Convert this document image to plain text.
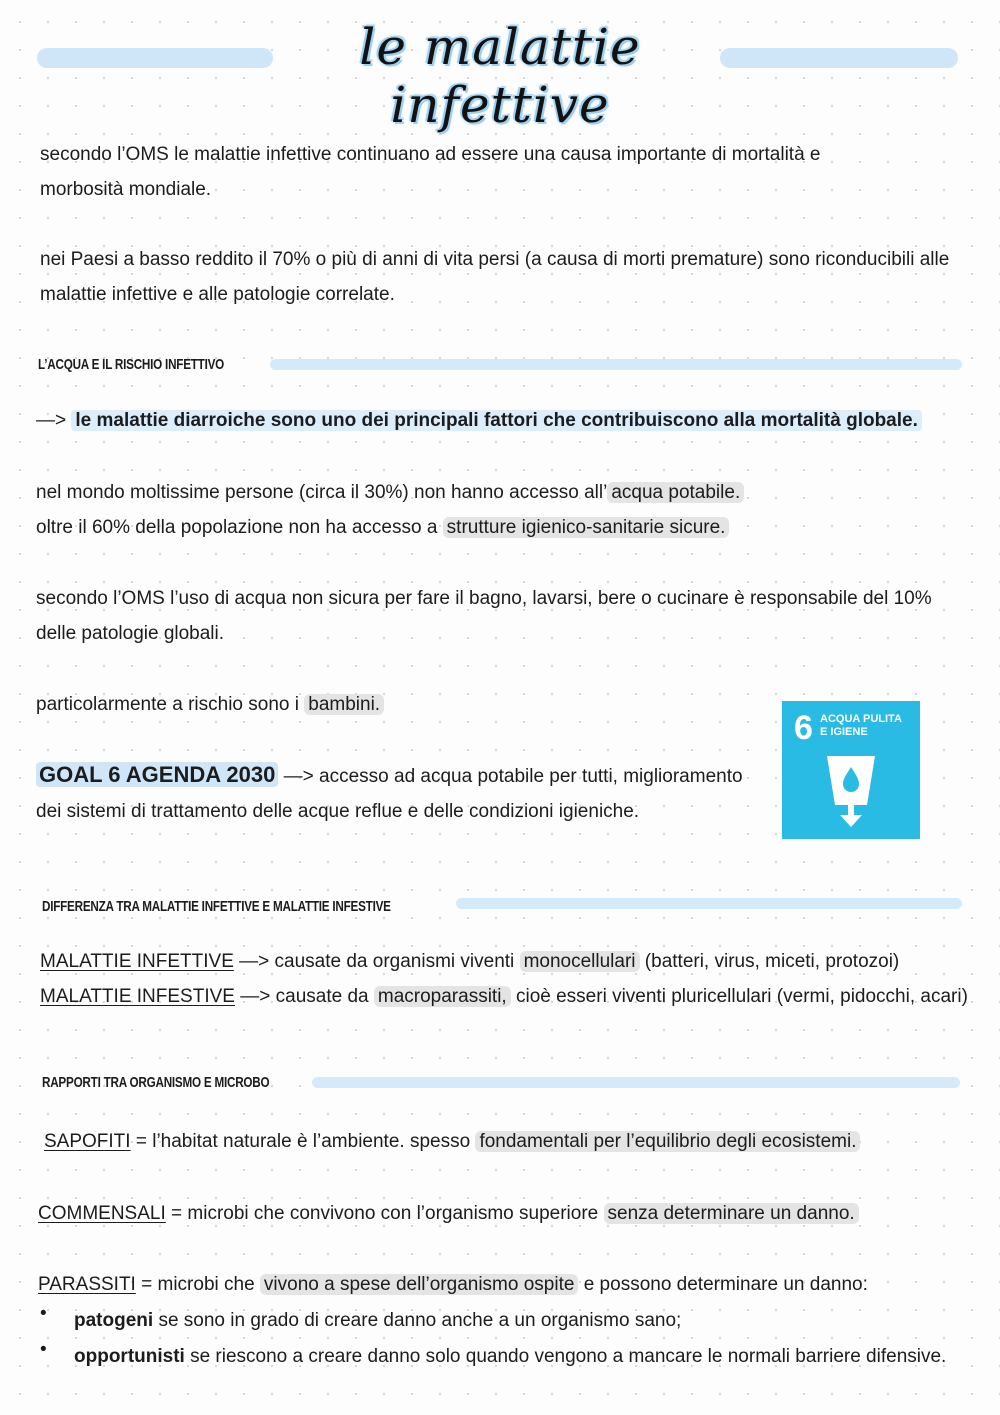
le malattie infettive
secondo l’OMS le malattie infettive continuano ad essere una causa importante di mortalità e morbosità mondiale.
nei Paesi a basso reddito il 70% o più di anni di vita persi (a causa di morti premature) sono riconducibili alle
malattie infettive e alle patologie correlate.
L’ACQUA E IL RISCHIO INFETTIVO
—> le malattie diarroiche sono uno dei principali fattori che contribuiscono alla mortalità globale.
nel mondo moltissime persone (circa il 30%) non hanno accesso all’ acqua potabile.
oltre il 60% della popolazione non ha accesso a strutture igienico-sanitarie sicure.
secondo l’OMS l’uso di acqua non sicura per fare il bagno, lavarsi, bere o cucinare è responsabile del 10%
delle patologie globali.
particolarmente a rischio sono i bambini.
GOAL 6 AGENDA 2030 —> accesso ad acqua potabile per tutti, miglioramento
dei sistemi di trattamento delle acque reflue e delle condizioni igieniche.
6 ACQUA PULITA
E IGIENE
DIFFERENZA TRA MALATTIE INFETTIVE E MALATTIE INFESTIVE
MALATTIE INFETTIVE —> causate da organismi viventi monocellulari (batteri, virus, miceti, protozoi)
MALATTIE INFESTIVE —> causate da macroparassiti, cioè esseri viventi pluricellulari (vermi, pidocchi, acari)
RAPPORTI TRA ORGANISMO E MICROBO
SAPOFITI = l’habitat naturale è l’ambiente. spesso fondamentali per l’equilibrio degli ecosistemi.
COMMENSALI = microbi che convivono con l’organismo superiore senza determinare un danno.
PARASSITI = microbi che vivono a spese dell’organismo ospite e possono determinare un danno:
• patogeni se sono in grado di creare danno anche a un organismo sano;
• opportunisti se riescono a creare danno solo quando vengono a mancare le normali barriere difensive.
